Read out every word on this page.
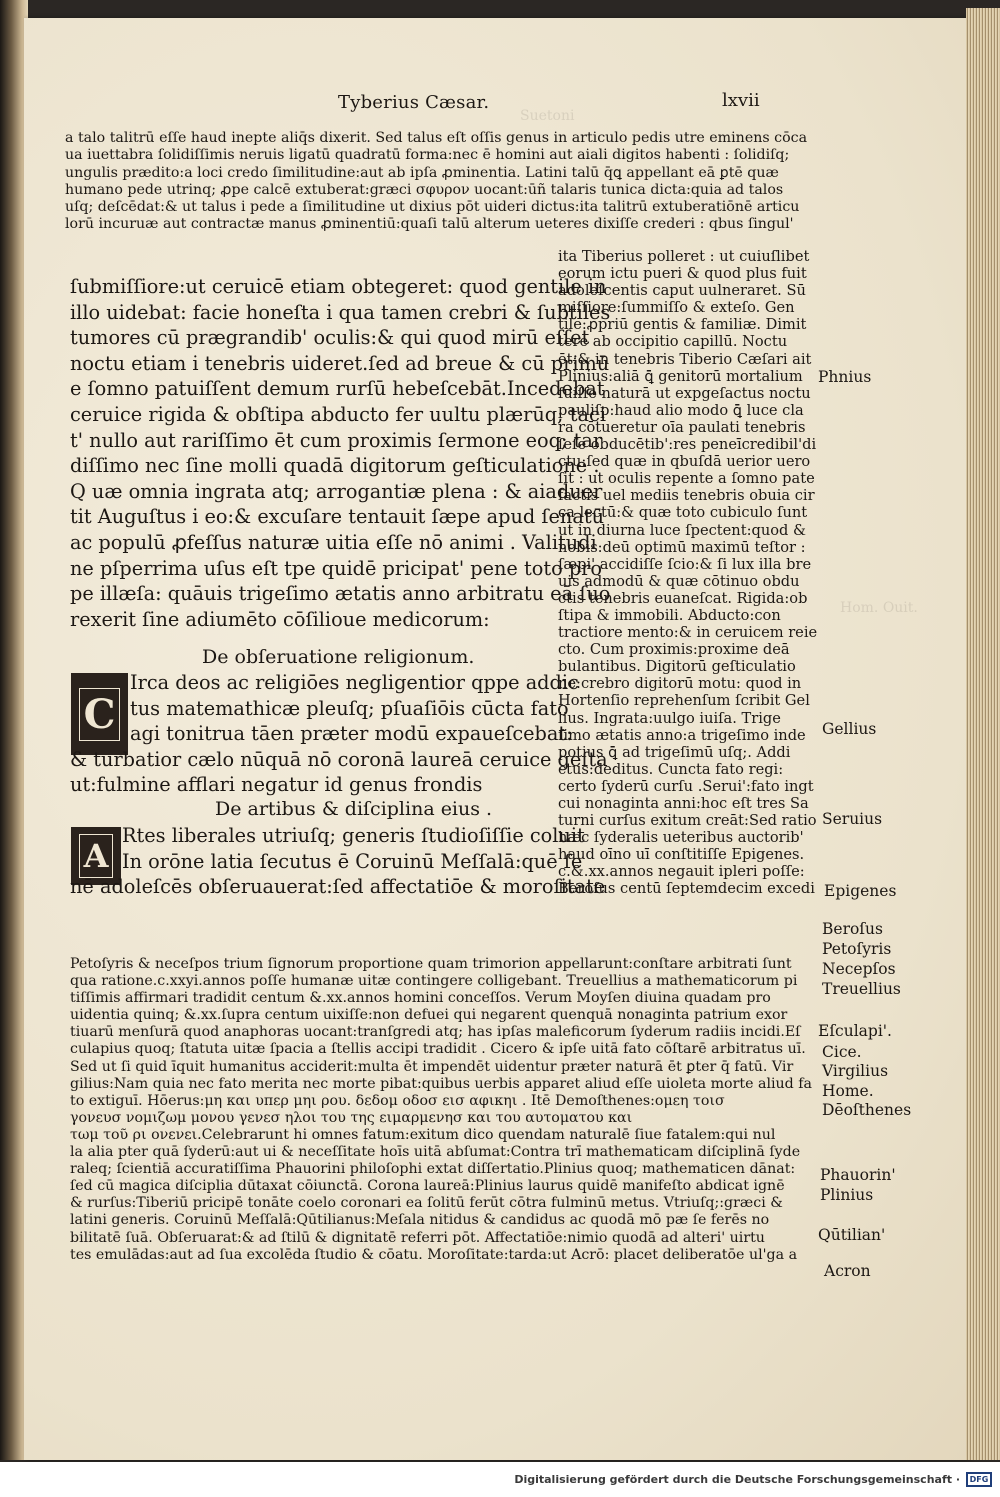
Suetoni
Hom. Ouit.
Tyberius Cæsar.	lxvii
a talo talitrū eſſe haud inepte aliq̄s dixerit. Sed talus eſt oſſis genus in articulo pedis utre eminens cōca
ua iuettabra ſolidiſſimis neruis ligatū quadratū forma:nec ē homini aut aiali digitos habenti : ſolidiſq;
ungulis prædito:a loci credo ſimilitudine:aut ab ipſa ꝓminentia. Latini talū q̄ꝗ appellant eā ꝑtē quæ
humano pede utrinq; ꝓpe calcē extuberat:græci σφυρον uocant:ūñ talaris tunica dicta:quia ad talos
uſq; deſcēdat:& ut talus i pede a ſimilitudine ut dixius pōt uideri dictus:ita talitrū extuberatiōnē articu
lorū incuruæ aut contractæ manus ꝓminentiū:quaſi talū alterum ueteres dixiſſe crederi : qbus ſingul'
ſubmiſſiore:ut ceruicē etiam obtegeret: quod gentile in
illo uidebat: facie honeſta i qua tamen crebri & ſubtiles
tumores cū prægrandib' oculis:& qui quod mirū eſſet
noctu etiam i tenebris uideret.ſed ad breue & cū primū
e ſomno patuiſſent demum rurſū hebeſcebāt.Incedebat
ceruice rigida & obſtipa abducto fer uultu plærūq; taci
t' nullo aut rariſſimo ēt cum proximis ſermone eoq; tar
diſſimo nec ſine molli quadā digitorum geſticulatione .
Q uæ omnia ingrata atq; arrogantiæ plena : & aiaduer
tit Auguſtus i eo:& excuſare tentauit ſæpe apud ſenatū
ac populū ꝓfeſſus naturæ uitia eſſe nō animi . Valitudi
ne pſperrima uſus eſt tpe quidē pricipat' pene toto pro
pe illæſa: quāuis trigeſimo ætatis anno arbitratu eā ſuo
rexerit ſine adiumēto cōſilioue medicorum:
De obſeruatione religionum.
C
Irca deos ac religiōes negligentior qppe addic
tus matemathicæ pleuſq; pſuaſiōis cūcta fato
agi tonitrua tāen præter modū expaueſcebat:
& turbatior cælo nūquā nō coronā laureā ceruice geſta
ut:fulmine afflari negatur id genus frondis
De artibus & diſciplina eius .
A
Rtes liberales utriuſq; generis ſtudioſiſſie coluit
In orōne latia ſecutus ē Coruinū Meſſalā:quē ſe
nē adoleſcēs obſeruauerat:ſed affectatiōe & moroſitate
ita Tiberius polleret : ut cuiuſlibet
eorum ictu pueri & quod plus fuit
adoleſcentis caput uulneraret. Sū
miſſiore:ſummiſſo & exteſo. Gen
tile:ꝓpriū gentis & familiæ. Dimit
tere ab occipitio capillū. Noctu
ēt:& in tenebris Tiberio Cæſari ait
Plinius:aliā ꝗ̄ genitorū mortalium
fuiſſe naturā ut expgeſactus noctu
pauliſp:haud alio modo ꝗ̄ luce cla
ra cōtueretur oīa paulati tenebris
ſeſe obducētib':res peneīcredibil'di
ctu:ſed quæ in qbuſdā uerior uero
ſit : ut oculis repente a ſomno pate
factis uel mediis tenebris obuia cir
ca lectū:& quæ toto cubiculo ſunt
ut in diurna luce ſpectent:quod &
nobis:deū optimū maximū teſtor :
ſæpi' accidiſſe ſcio:& ſi lux illa bre
uis admodū & quæ cōtinuo obdu
ctis tenebris euaneſcat. Rigida:ob
ſtipa & immobili. Abducto:con
tractiore mento:& in ceruicem reie
cto. Cum proximis:proxime deā
bulantibus. Digitorū geſticulatio
ne:crebro digitorū motu: quod in
Hortenſio reprehenſum ſcribit Gel
lius. Ingrata:uulgo iuiſa. Trige
ſimo ætatis anno:a trigeſimo inde
potius ꝗ̄ ad trigeſimū uſq;. Addi
ctus:deditus. Cuncta fato regi:
certo ſyderū curſu .Serui':fato ingt
cui nonaginta anni:hoc eſt tres Sa
turni curſus exitum creāt:Sed ratio
hæc ſyderalis ueteribus auctorib'
haud oīno uī conſtitiſſe Epigenes.
c.&.xx.annos negauit ipleri poſſe:
Beroſus centū ſeptemdecim excedi
Petoſyris & neceſpos trium ſignorum proportione quam trimorion appellarunt:conſtare arbitrati ſunt
qua ratione.c.xxyi.annos poſſe humanæ uitæ contingere colligebant. Treuellius a mathematicorum pi
tiſſimis affirmari tradidit centum &.xx.annos homini conceſſos. Verum Moyſen diuina quadam pro
uidentia quinq; &.xx.ſupra centum uixiſſe:non defuei qui negarent quenquā nonaginta patrium exor
tiuarū menſurā quod anaphoras uocant:tranſgredi atq; has ipſas maleficorum ſyderum radiis incidi.Eſ
culapius quoq; ſtatuta uitæ ſpacia a ſtellis accipi tradidit . Cicero & ipſe uitā fato cōſtarē arbitratus uī.
Sed ut ſi quid īquit humanitus acciderit:multa ēt impendēt uidentur præter naturā ēt ꝑter q̄ fatū. Vir
gilius:Nam quia nec fato merita nec morte pibat:quibus uerbis apparet aliud eſſe uioleta morte aliud fa
to extiguī. Hōerus:μη και υπερ μηι ρου. δεδομ οδοσ εισ αφικηι . Itē Demoſthenes:ομεη τοισ
γονευσ νομιζωμ μονου γενεσ ηλοι του της ειμαρμενησ και του αυτοματου και
τωμ τοῦ ρι ονενει.Celebrarunt hi omnes fatum:exitum dico quendam naturalē ſiue fatalem:qui nul
la alia pter quā ſyderū:aut ui & neceſſitate hoīs uitā abſumat:Contra trī mathematicam diſciplinā ſyde
raleq; ſcientiā accuratiſſima Phauorini philoſophi extat diſſertatio.Plinius quoq; mathematicen dānat:
ſed cū magica diſciplia dūtaxat cōiunctā. Corona laureā:Plinius laurus quidē manifeſto abdicat ignē
& rurſus:Tiberiū pricipē tonāte coelo coronari ea ſolitū ferūt cōtra fulminū metus. Vtriuſq;:græci &
latini generis. Coruinū Meſſalā:Qūtilianus:Meſala nitidus & candidus ac quodā mō pæ ſe ferēs no
bilitatē ſuā. Obſeruarat:& ad ſtilū & dignitatē referri pōt. Affectatiōe:nimio quodā ad alteri' uirtu
tes emulādas:aut ad ſua excolēda ſtudio & cōatu. Moroſitate:tarda:ut Acrō: placet deliberatōe ul'ga a
Phnius
Gellius
Seruius
Epigenes
Beroſus
Petoſyris
Necepſos
Treuellius
Eſculapi'.
Cice.
Virgilius
Home.
Dēoſthenes
Phauorin'
Plinius
Qūtilian'
Acron
Digitalisierung gefördert durch die Deutsche Forschungsgemeinschaft ·	DFG
